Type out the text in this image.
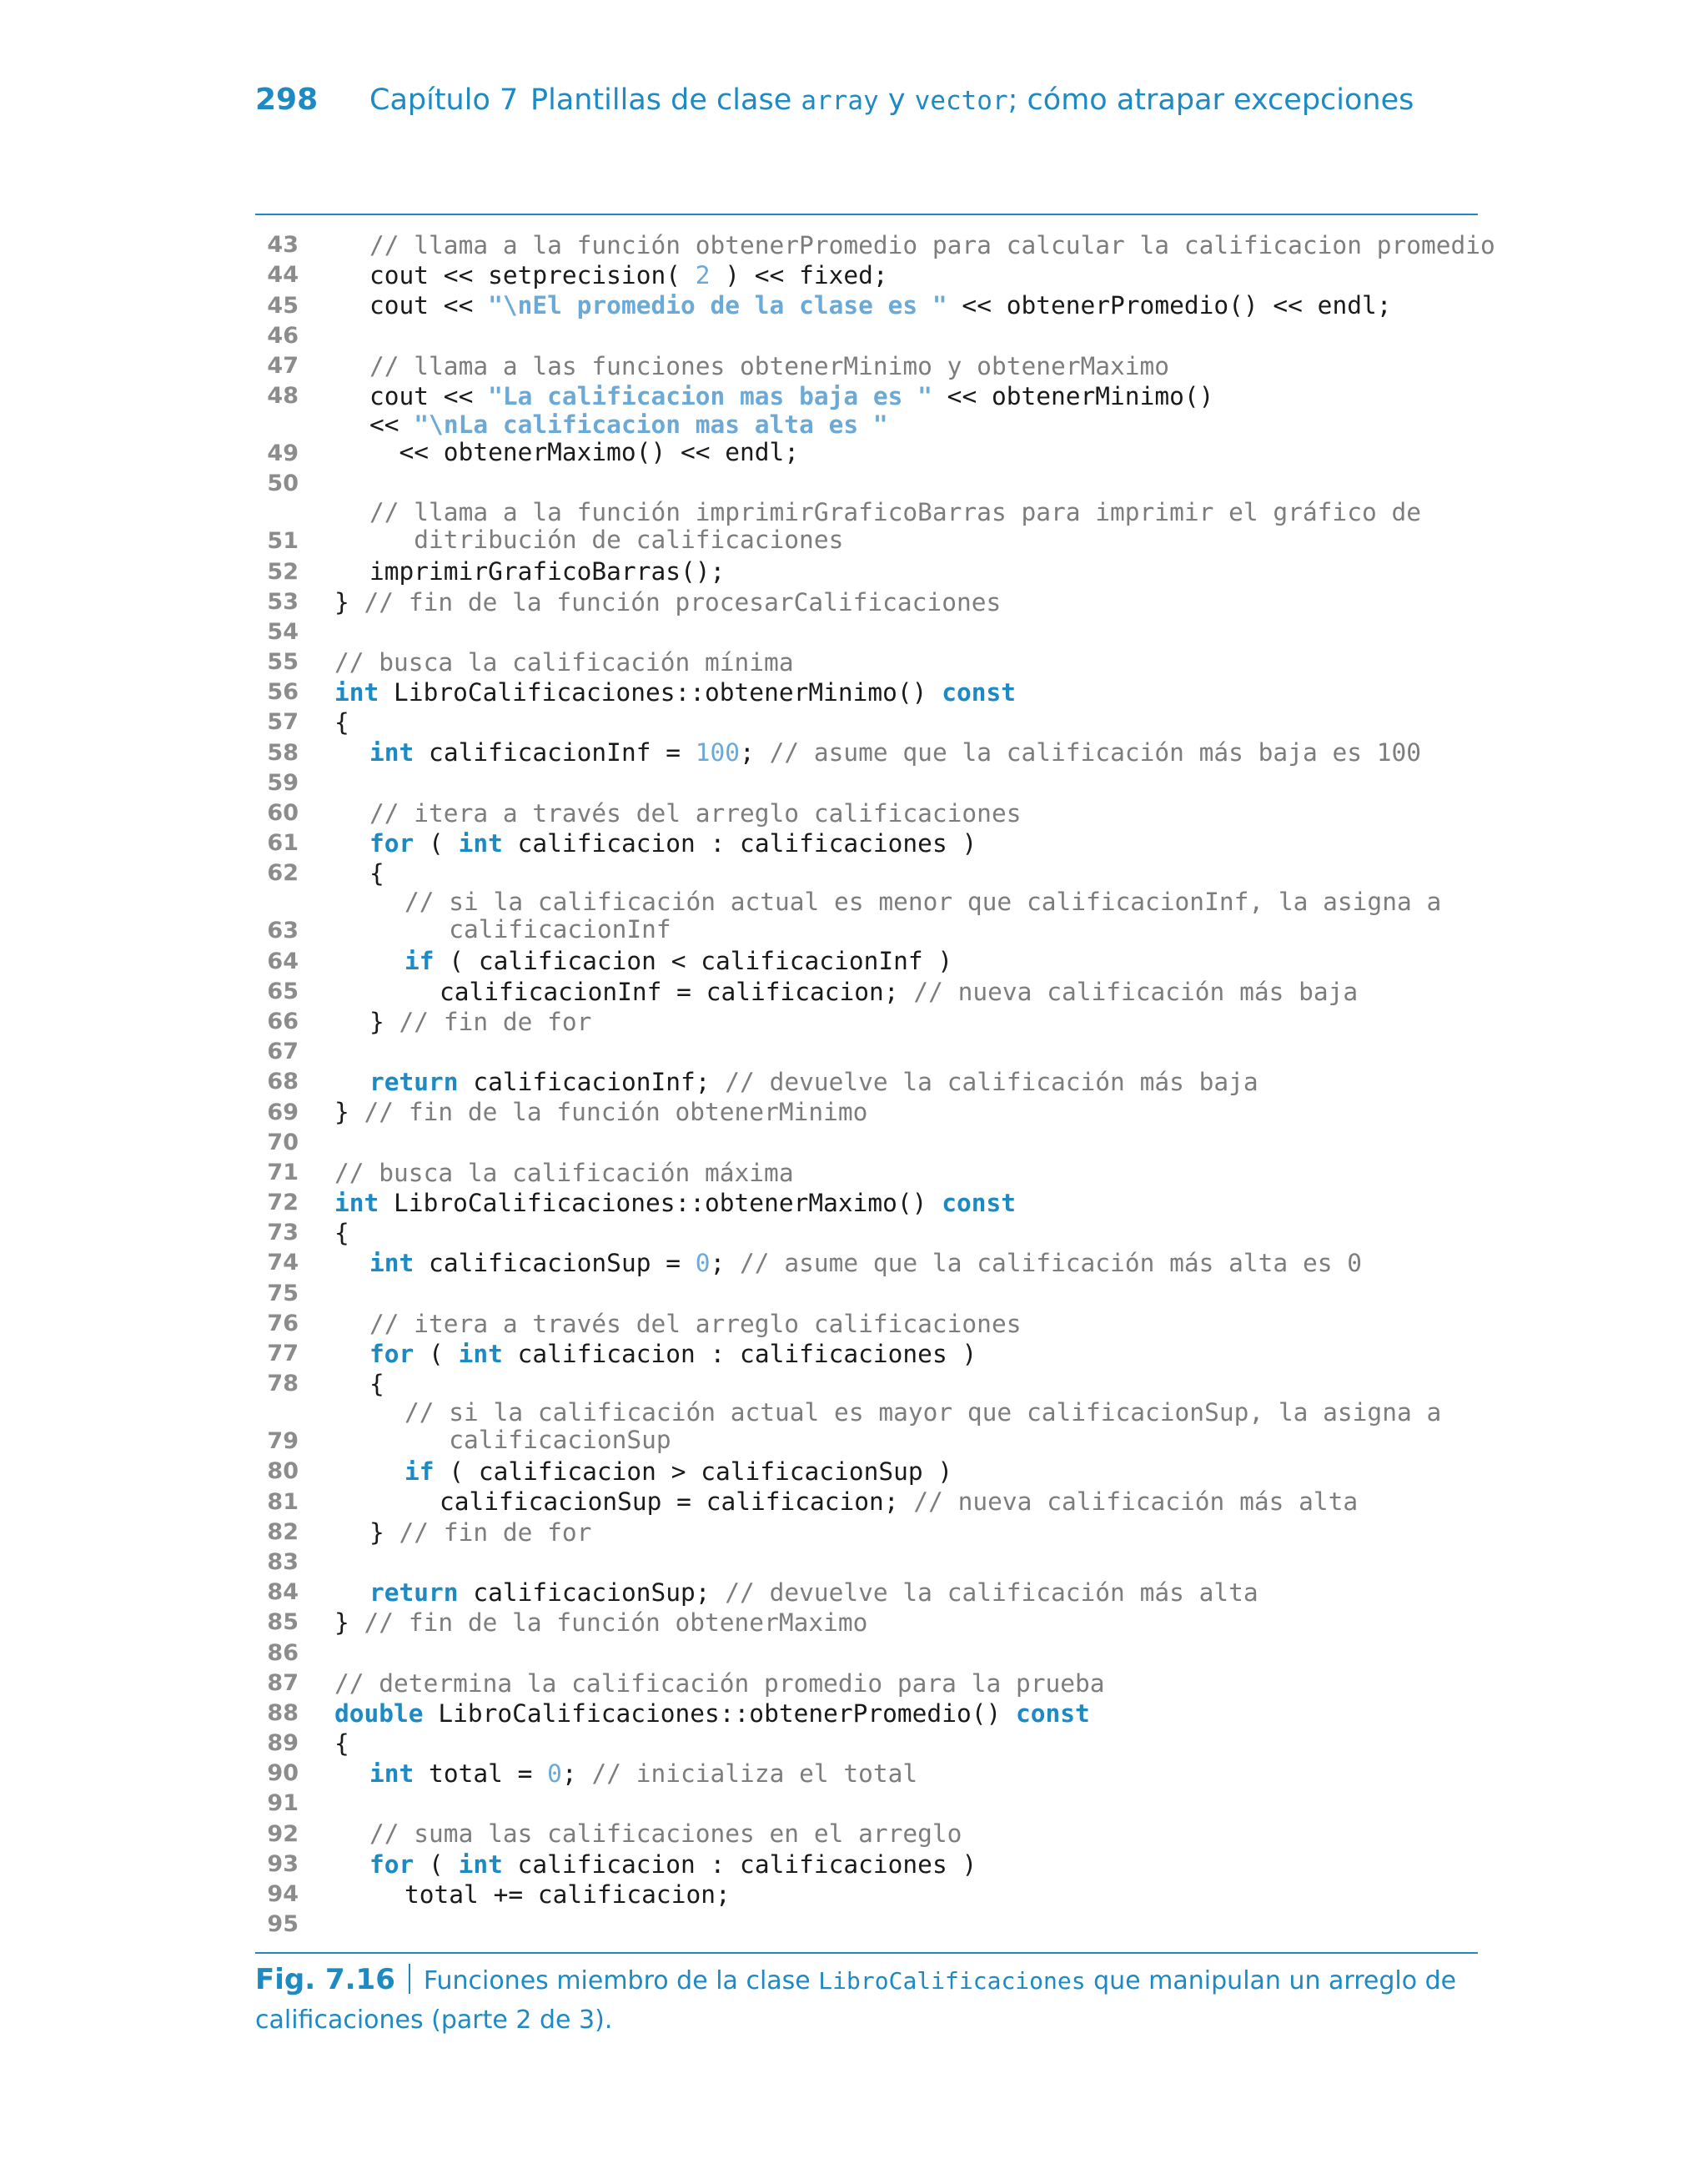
298 Capítulo 7 Plantillas de clase array y vector; cómo atrapar excepciones
43	// llama a la función obtenerPromedio para calcular la calificacion promedio
44	cout << setprecision( 2 ) << fixed;
45	cout << "\nEl promedio de la clase es " << obtenerPromedio() << endl;
46
47	// llama a las funciones obtenerMinimo y obtenerMaximo
48	cout << "La calificacion mas baja es " << obtenerMinimo()
49
<< "\nLa calificacion mas alta es "
<< obtenerMaximo() << endl;
50
51
// llama a la función imprimirGraficoBarras para imprimir el gráfico de
ditribución de calificaciones
52	imprimirGraficoBarras();
53 } // fin de la función procesarCalificaciones
54
55 // busca la calificación mínima
56 int LibroCalificaciones::obtenerMinimo() const
57 {
58	int calificacionInf = 100; // asume que la calificación más baja es 100
59
60	// itera a través del arreglo calificaciones
61	for ( int calificacion : calificaciones )
62	{
63
// si la calificación actual es menor que calificacionInf, la asigna a
calificacionInf
64	if ( calificacion < calificacionInf )
65	calificacionInf = calificacion; // nueva calificación más baja
66	} // fin de for
67
68	return calificacionInf; // devuelve la calificación más baja
69 } // fin de la función obtenerMinimo
70
71 // busca la calificación máxima
72 int LibroCalificaciones::obtenerMaximo() const
73 {
74	int calificacionSup = 0; // asume que la calificación más alta es 0
75
76	// itera a través del arreglo calificaciones
77	for ( int calificacion : calificaciones )
78	{
79
// si la calificación actual es mayor que calificacionSup, la asigna a
calificacionSup
80	if ( calificacion > calificacionSup )
81	calificacionSup = calificacion; // nueva calificación más alta
82	} // fin de for
83
84	return calificacionSup; // devuelve la calificación más alta
85 } // fin de la función obtenerMaximo
86
87 // determina la calificación promedio para la prueba
88 double LibroCalificaciones::obtenerPromedio() const
89 {
90	int total = 0; // inicializa el total
91
92	// suma las calificaciones en el arreglo
93	for ( int calificacion : calificaciones )
94	total += calificacion;
95
Fig. 7.16 Funciones miembro de la clase LibroCalificaciones que manipulan un arreglo de calificaciones (parte 2 de 3).
